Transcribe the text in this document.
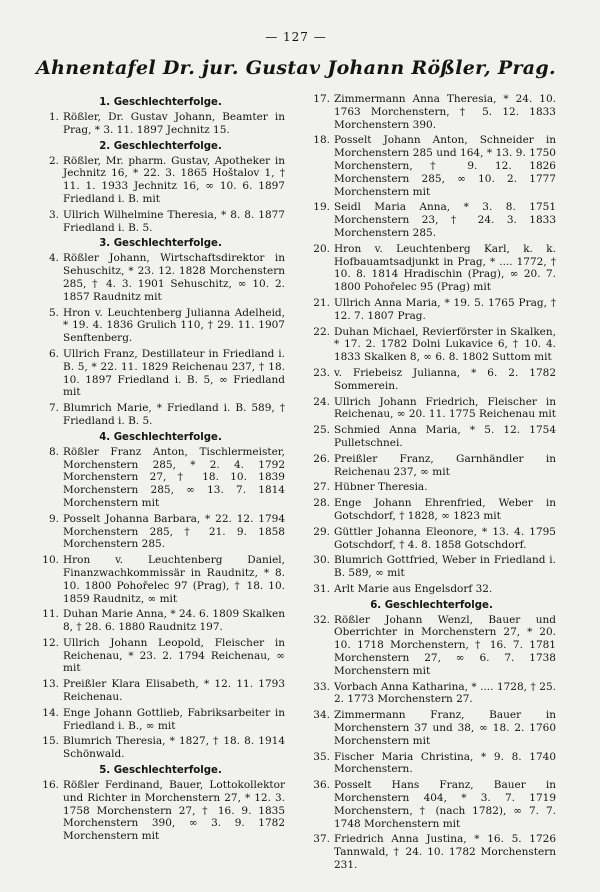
— 127 —
Ahnentafel Dr. jur. Gustav Johann Rößler, Prag.
1. Geschlechterfolge.
1. Rößler, Dr. Gustav Johann, Beamter in Prag, * 3. 11. 1897 Jechnitz 15.
2. Geschlechterfolge.
2. Rößler, Mr. pharm. Gustav, Apotheker in Jechnitz 16, * 22. 3. 1865 Hoštalov 1, † 11. 1. 1933 Jechnitz 16, ∞ 10. 6. 1897 Friedland i. B. mit
3. Ullrich Wilhelmine Theresia, * 8. 8. 1877 Friedland i. B. 5.
3. Geschlechterfolge.
4. Rößler Johann, Wirtschaftsdirektor in Sehuschitz, * 23. 12. 1828 Morchenstern 285, † 4. 3. 1901 Sehuschitz, ∞ 10. 2. 1857 Raudnitz mit
5. Hron v. Leuchtenberg Julianna Adelheid, * 19. 4. 1836 Grulich 110, † 29. 11. 1907 Senftenberg.
6. Ullrich Franz, Destillateur in Friedland i. B. 5, * 22. 11. 1829 Reichenau 237, † 18. 10. 1897 Friedland i. B. 5, ∞ Friedland mit
7. Blumrich Marie, * Friedland i. B. 589, † Friedland i. B. 5.
4. Geschlechterfolge.
8. Rößler Franz Anton, Tischlermeister, Morchenstern 285, * 2. 4. 1792 Morchenstern 27, † 18. 10. 1839 Morchenstern 285, ∞ 13. 7. 1814 Morchenstern mit
9. Posselt Johanna Barbara, * 22. 12. 1794 Morchenstern 285, † 21. 9. 1858 Morchenstern 285.
10. Hron v. Leuchtenberg Daniel, Finanzwachkommissär in Raudnitz, * 8. 10. 1800 Pohořelec 97 (Prag), † 18. 10. 1859 Raudnitz, ∞ mit
11. Duhan Marie Anna, * 24. 6. 1809 Skalken 8, † 28. 6. 1880 Raudnitz 197.
12. Ullrich Johann Leopold, Fleischer in Reichenau, * 23. 2. 1794 Reichenau, ∞ mit
13. Preißler Klara Elisabeth, * 12. 11. 1793 Reichenau.
14. Enge Johann Gottlieb, Fabriksarbeiter in Friedland i. B., ∞ mit
15. Blumrich Theresia, * 1827, † 18. 8. 1914 Schönwald.
5. Geschlechterfolge.
16. Rößler Ferdinand, Bauer, Lottokollektor und Richter in Morchenstern 27, * 12. 3. 1758 Morchenstern 27, † 16. 9. 1835 Morchenstern 390, ∞ 3. 9. 1782 Morchenstern mit
17. Zimmermann Anna Theresia, * 24. 10. 1763 Morchenstern, † 5. 12. 1833 Morchenstern 390.
18. Posselt Johann Anton, Schneider in Morchenstern 285 und 164, * 13. 9. 1750 Morchenstern, † 9. 12. 1826 Morchenstern 285, ∞ 10. 2. 1777 Morchenstern mit
19. Seidl Maria Anna, * 3. 8. 1751 Morchenstern 23, † 24. 3. 1833 Morchenstern 285.
20. Hron v. Leuchtenberg Karl, k. k. Hofbauamtsadjunkt in Prag, * .... 1772, † 10. 8. 1814 Hradischin (Prag), ∞ 20. 7. 1800 Pohořelec 95 (Prag) mit
21. Ullrich Anna Maria, * 19. 5. 1765 Prag, † 12. 7. 1807 Prag.
22. Duhan Michael, Revierförster in Skalken, * 17. 2. 1782 Dolni Lukavice 6, † 10. 4. 1833 Skalken 8, ∞ 6. 8. 1802 Suttom mit
23. v. Friebeisz Julianna, * 6. 2. 1782 Sommerein.
24. Ullrich Johann Friedrich, Fleischer in Reichenau, ∞ 20. 11. 1775 Reichenau mit
25. Schmied Anna Maria, * 5. 12. 1754 Pulletschnei.
26. Preißler Franz, Garnhändler in Reichenau 237, ∞ mit
27. Hübner Theresia.
28. Enge Johann Ehrenfried, Weber in Gotschdorf, † 1828, ∞ 1823 mit
29. Güttler Johanna Eleonore, * 13. 4. 1795 Gotschdorf, † 4. 8. 1858 Gotschdorf.
30. Blumrich Gottfried, Weber in Friedland i. B. 589, ∞ mit
31. Arlt Marie aus Engelsdorf 32.
6. Geschlechterfolge.
32. Rößler Johann Wenzl, Bauer und Oberrichter in Morchenstern 27, * 20. 10. 1718 Morchenstern, † 16. 7. 1781 Morchenstern 27, ∞ 6. 7. 1738 Morchenstern mit
33. Vorbach Anna Katharina, * .... 1728, † 25. 2. 1773 Morchenstern 27.
34. Zimmermann Franz, Bauer in Morchenstern 37 und 38, ∞ 18. 2. 1760 Morchenstern mit
35. Fischer Maria Christina, * 9. 8. 1740 Morchenstern.
36. Posselt Hans Franz, Bauer in Morchenstern 404, * 3. 7. 1719 Morchenstern, † (nach 1782), ∞ 7. 7. 1748 Morchenstern mit
37. Friedrich Anna Justina, * 16. 5. 1726 Tannwald, † 24. 10. 1782 Morchenstern 231.
